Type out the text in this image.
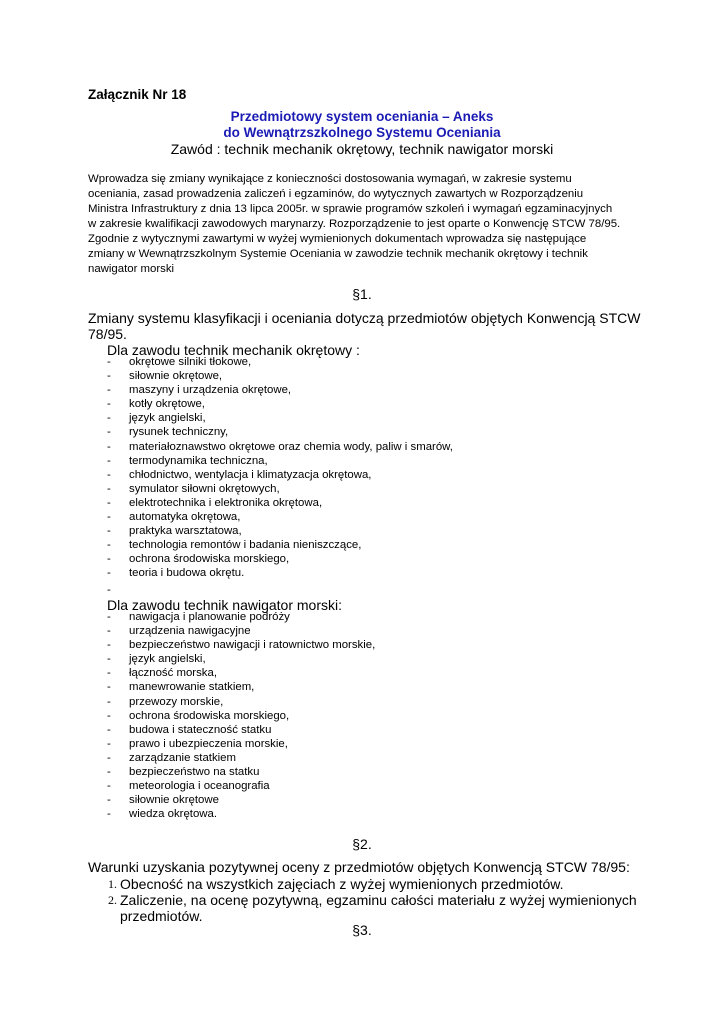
Załącznik Nr 18
Przedmiotowy system oceniania – Aneks
do Wewnątrzszkolnego Systemu Oceniania
Zawód : technik mechanik okrętowy, technik nawigator morski

Wprowadza się zmiany wynikające z konieczności dostosowania wymagań, w zakresie systemu

oceniania, zasad prowadzenia zaliczeń i egzaminów, do wytycznych zawartych w Rozporządzeniu

Ministra Infrastruktury z dnia 13 lipca 2005r. w sprawie programów szkoleń i wymagań egzaminacyjnych

w zakresie kwalifikacji zawodowych marynarzy. Rozporządzenie to jest oparte o Konwencję STCW 78/95.

Zgodnie z wytycznymi zawartymi w wyżej wymienionych dokumentach wprowadza się następujące

zmiany w Wewnątrzszkolnym Systemie Oceniania w zawodzie technik mechanik okrętowy i technik

nawigator morski

§1.
Zmiany systemu klasyfikacji i oceniania dotyczą przedmiotów objętych Konwencją STCW
78/95.
Dla zawodu technik mechanik okrętowy :
- okrętowe silniki tłokowe,
- siłownie okrętowe,
- maszyny i urządzenia okrętowe,
- kotły okrętowe,
- język angielski,
- rysunek techniczny,
- materiałoznawstwo okrętowe oraz chemia wody, paliw i smarów,
- termodynamika techniczna,
- chłodnictwo, wentylacja i klimatyzacja okrętowa,
- symulator siłowni okrętowych,
- elektrotechnika i elektronika okrętowa,
- automatyka okrętowa,
- praktyka warsztatowa,
- technologia remontów i badania nieniszczące,
- ochrona środowiska morskiego,
- teoria i budowa okrętu.
-
Dla zawodu technik nawigator morski:
- nawigacja i planowanie podróży
- urządzenia nawigacyjne
- bezpieczeństwo nawigacji i ratownictwo morskie,
- język angielski,
- łączność morska,
- manewrowanie statkiem,
- przewozy morskie,
- ochrona środowiska morskiego,
- budowa i stateczność statku
- prawo i ubezpieczenia morskie,
- zarządzanie statkiem
- bezpieczeństwo na statku
- meteorologia i oceanografia
- siłownie okrętowe
- wiedza okrętowa.
§2.
Warunki uzyskania pozytywnej oceny z przedmiotów objętych Konwencją STCW 78/95:
1. Obecność na wszystkich zajęciach z wyżej wymienionych przedmiotów.
2. Zaliczenie, na ocenę pozytywną, egzaminu całości materiału z wyżej wymienionych
przedmiotów.
§3.
